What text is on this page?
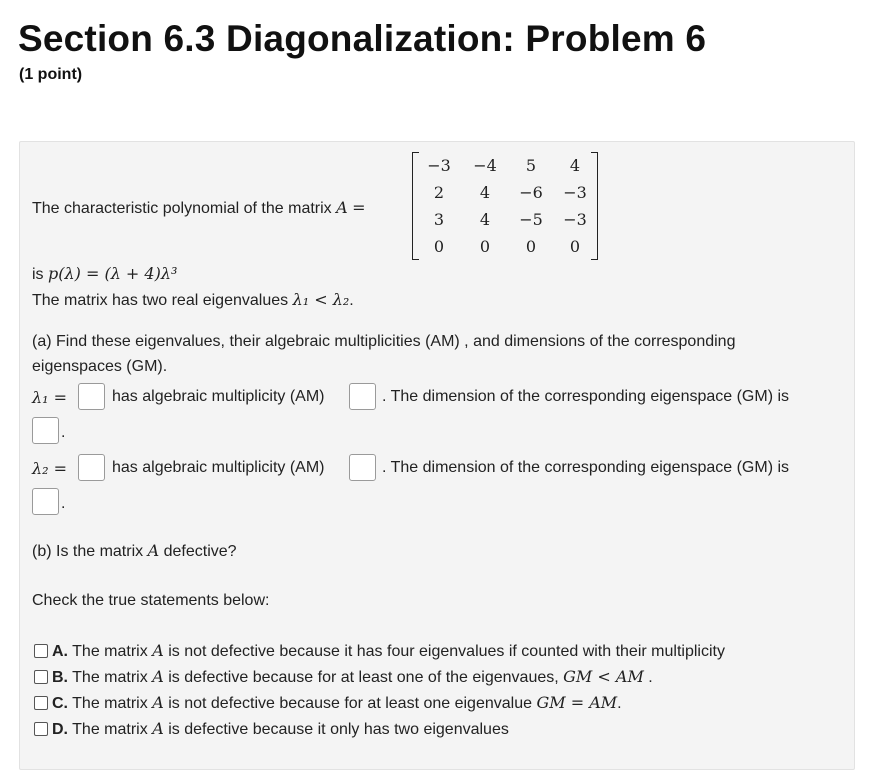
Section 6.3 Diagonalization: Problem 6
(1 point)
The characteristic polynomial of the matrix A =
−3	−4	5	4
2	4	−6	−3
3	4	−5	−3
0	0	0	0
is p(λ) = (λ + 4)λ³
The matrix has two real eigenvalues λ₁ < λ₂.
(a) Find these eigenvalues, their algebraic multiplicities (AM) , and dimensions of the corresponding
eigenspaces (GM).
λ₁ =	has algebraic multiplicity (AM)	. The dimension of the corresponding eigenspace (GM) is
.
λ₂ =	has algebraic multiplicity (AM)	. The dimension of the corresponding eigenspace (GM) is
.
(b) Is the matrix A defective?
Check the true statements below:
A. The matrix A is not defective because it has four eigenvalues if counted with their multiplicity
B. The matrix A is defective because for at least one of the eigenvaues, GM < AM .
C. The matrix A is not defective because for at least one eigenvalue GM = AM.
D. The matrix A is defective because it only has two eigenvalues
